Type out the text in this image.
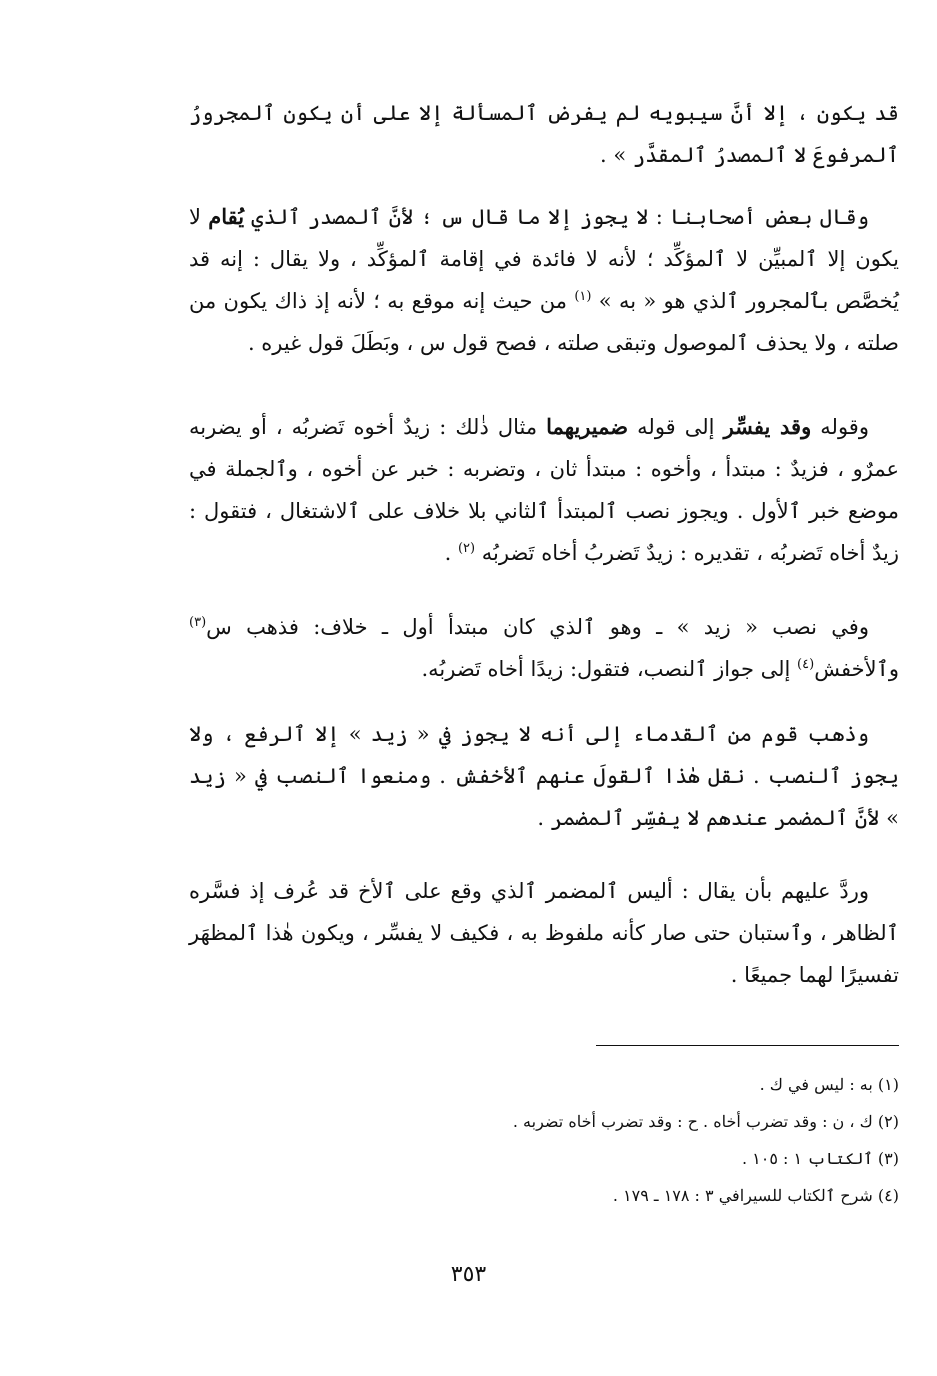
قد يكون ، إلا أنَّ سيبويه لم يفرض ٱلمسألة إلا على أن يكون ٱلمجرورُ ٱلمرفوعَ لا ٱلمصدرُ ٱلمقدَّر » .

وقال بعض أصحابنا : لا يجوز إلا ما قال س ؛ لأنَّ ٱلمصدر ٱلذي يُقام لا يكون إلا ٱلمبيِّن لا ٱلمؤكِّد ؛ لأنه لا فائدة في إقامة ٱلمؤكِّد ، ولا يقال : إنه قد يُخصَّص بٱلمجرور ٱلذي هو « به » $^{(١)}$ من حيث إنه موقع به ؛ لأنه إذ ذاك يكون من صلته ، ولا يحذف ٱلموصول وتبقى صلته ، فصح قول س ، وبَطَلَ قول غيره .

وقوله وقد يفسِّر إلى قوله ضميريهما مثال ذٰلك : زيدٌ أخوه تَضربُه ، أو يضربه عمرٌو ، فزيدٌ : مبتدأ ، وأخوه : مبتدأ ثان ، وتضربه : خبر عن أخوه ، وٱلجملة في موضع خبر ٱلأول . ويجوز نصب ٱلمبتدأ ٱلثاني بلا خلاف على ٱلاشتغال ، فتقول : زيدٌ أخاه تَضربُه ، تقديره : زيدٌ تَضربُ أخاه تَضربُه $^{(٢)}$ .

وفي نصب « زيد » ـ وهو ٱلذي كان مبتدأ أول ـ خلاف: فذهب س$^{(٣)}$ وٱلأخفش$^{(٤)}$ إلى جواز ٱلنصب، فتقول: زيدًا أخاه تَضربُه.

وذهب قوم من ٱلقدماء إلى أنه لا يجوز في « زيد » إلا ٱلرفع ، ولا يجوز ٱلنصب . نقل هٰذا ٱلقولَ عنهم ٱلأخفش . ومنعوا ٱلنصب في « زيد » لأنَّ ٱلمضمر عندهم لا يفسِّر ٱلمضمر .

وردَّ عليهم بأن يقال : أليس ٱلمضمر ٱلذي وقع على ٱلأخ قد عُرف إذ فسَّره ٱلظاهر ، وٱستبان حتى صار كأنه ملفوظ به ، فكيف لا يفسِّر ، ويكون هٰذا ٱلمظهَر تفسيرًا لهما جميعًا .

(١) به : ليس في ك .

(٢) ك ، ن : وقد تضرب أخاه . ح : وقد تضرب أخاه تضربه .

(٣) ٱلكتاب ١ : ١٠٥ .

(٤) شرح ٱلكتاب للسيرافي ٣ : ١٧٨ ـ ١٧٩ .

٣٥٣
